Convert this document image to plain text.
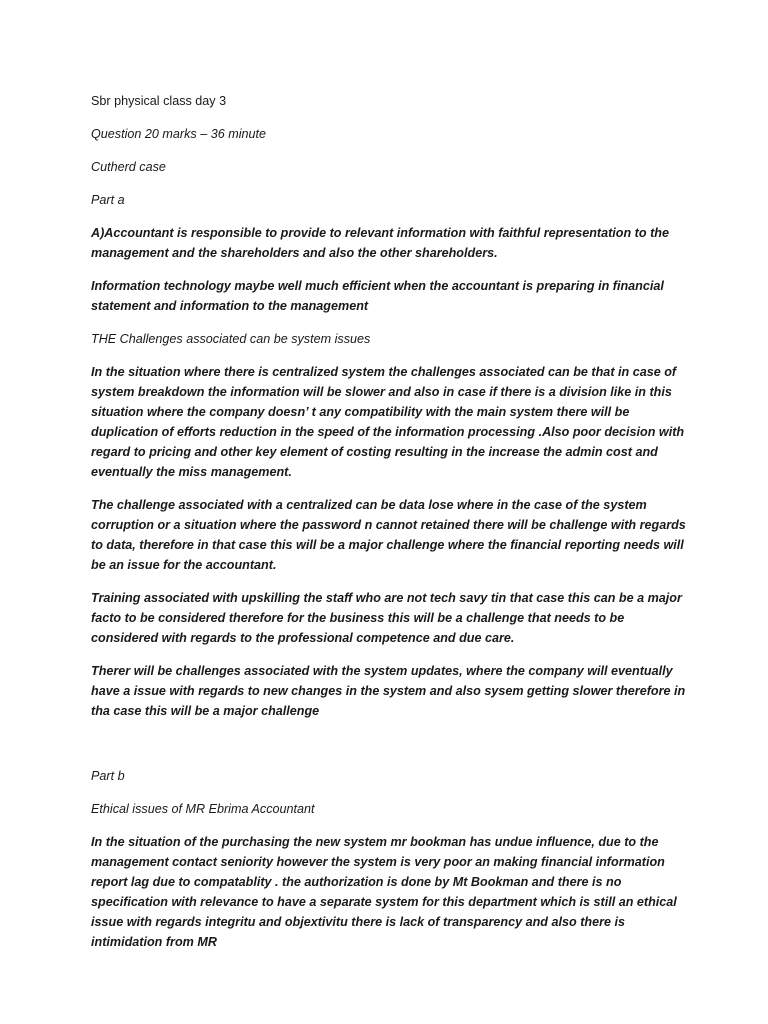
Sbr physical class day 3

Question 20 marks – 36 minute

Cutherd case

Part a

A)Accountant is responsible to provide to relevant information with faithful representation to the management and the shareholders and also the other shareholders.

Information technology maybe well much efficient when the accountant is preparing in financial statement and information to the management

THE Challenges associated can be system issues

In the situation where there is centralized system the challenges associated can be that in case of system breakdown the information will be slower and also in case if there is a division like in this situation where the company doesn’ t any compatibility with the main system there will be duplication of efforts reduction in the speed of the information processing .Also poor decision with regard to pricing and other key element of costing resulting in the increase the admin cost and eventually the miss management.

The challenge associated with a centralized can be data lose where in the case of the system corruption or a situation where the password n cannot retained there will be challenge with regards to data, therefore in that case this will be a major challenge where the financial reporting needs will be an issue for the accountant.

Training associated with upskilling the staff who are not tech savy tin that case this can be a major facto to be considered therefore for the business this will be a challenge that needs to be considered with regards to the professional competence and due care.

Therer will be challenges associated with the system updates, where the company will eventually have a issue with regards to new changes in the system and also sysem getting slower therefore in tha case this will be a major challenge

Part b

Ethical issues of MR Ebrima Accountant

In the situation of the purchasing the new system mr bookman has undue influence, due to the management contact seniority however the system is very poor an making financial information report lag due to compatablity . the authorization is done by Mt Bookman and there is no specification with relevance to have a separate system for this department which is still an ethical issue with regards integritu and objextivitu there is lack of transparency and also there is intimidation from MR
